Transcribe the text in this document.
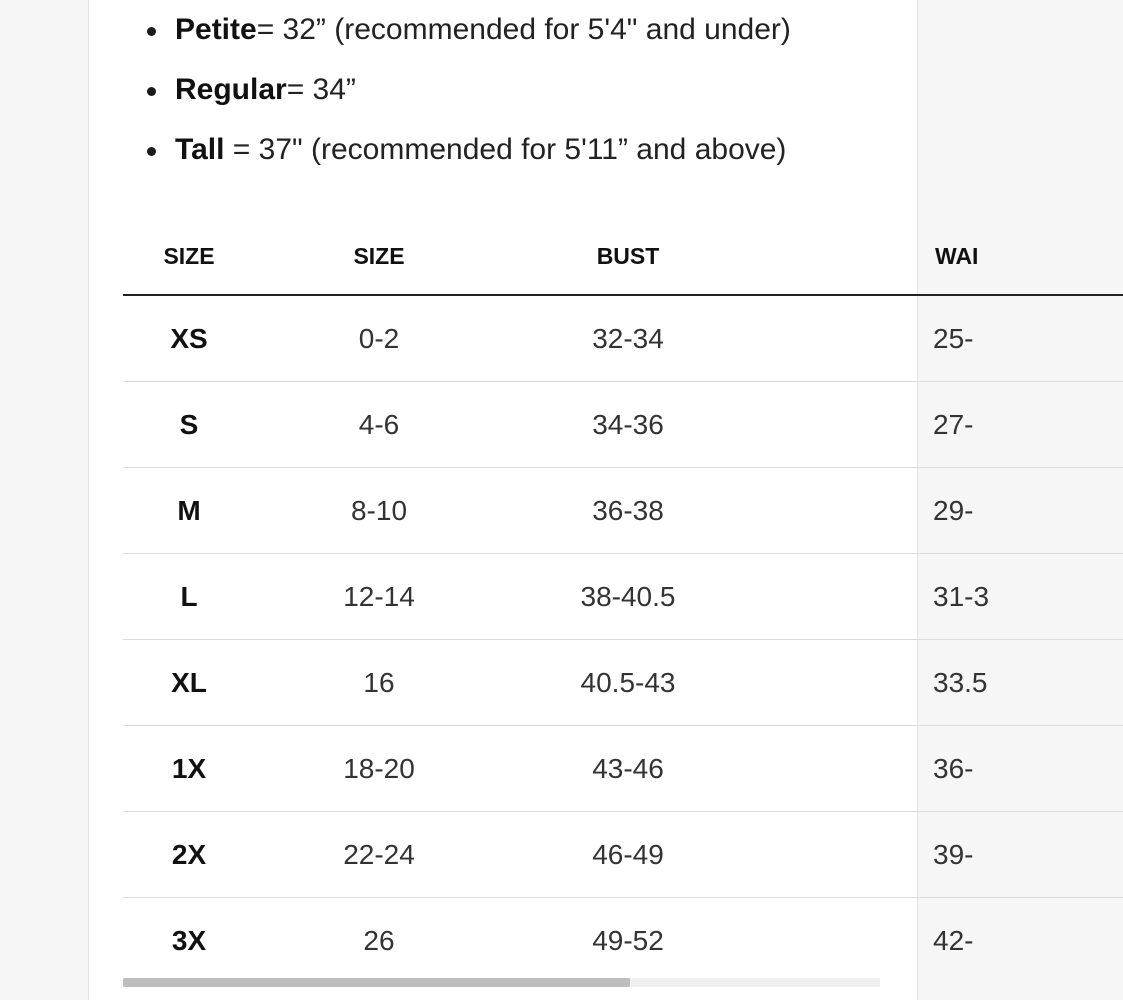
Petite= 32” (recommended for 5'4" and under)
Regular= 34”
Tall = 37" (recommended for 5'11” and above)
SIZE	SIZE	BUST	WAI
XS	0-2	32-34	25-
S	4-6	34-36	27-
M	8-10	36-38	29-
L	12-14	38-40.5	31-3
XL	16	40.5-43	33.5
1X	18-20	43-46	36-
2X	22-24	46-49	39-
3X	26	49-52	42-
